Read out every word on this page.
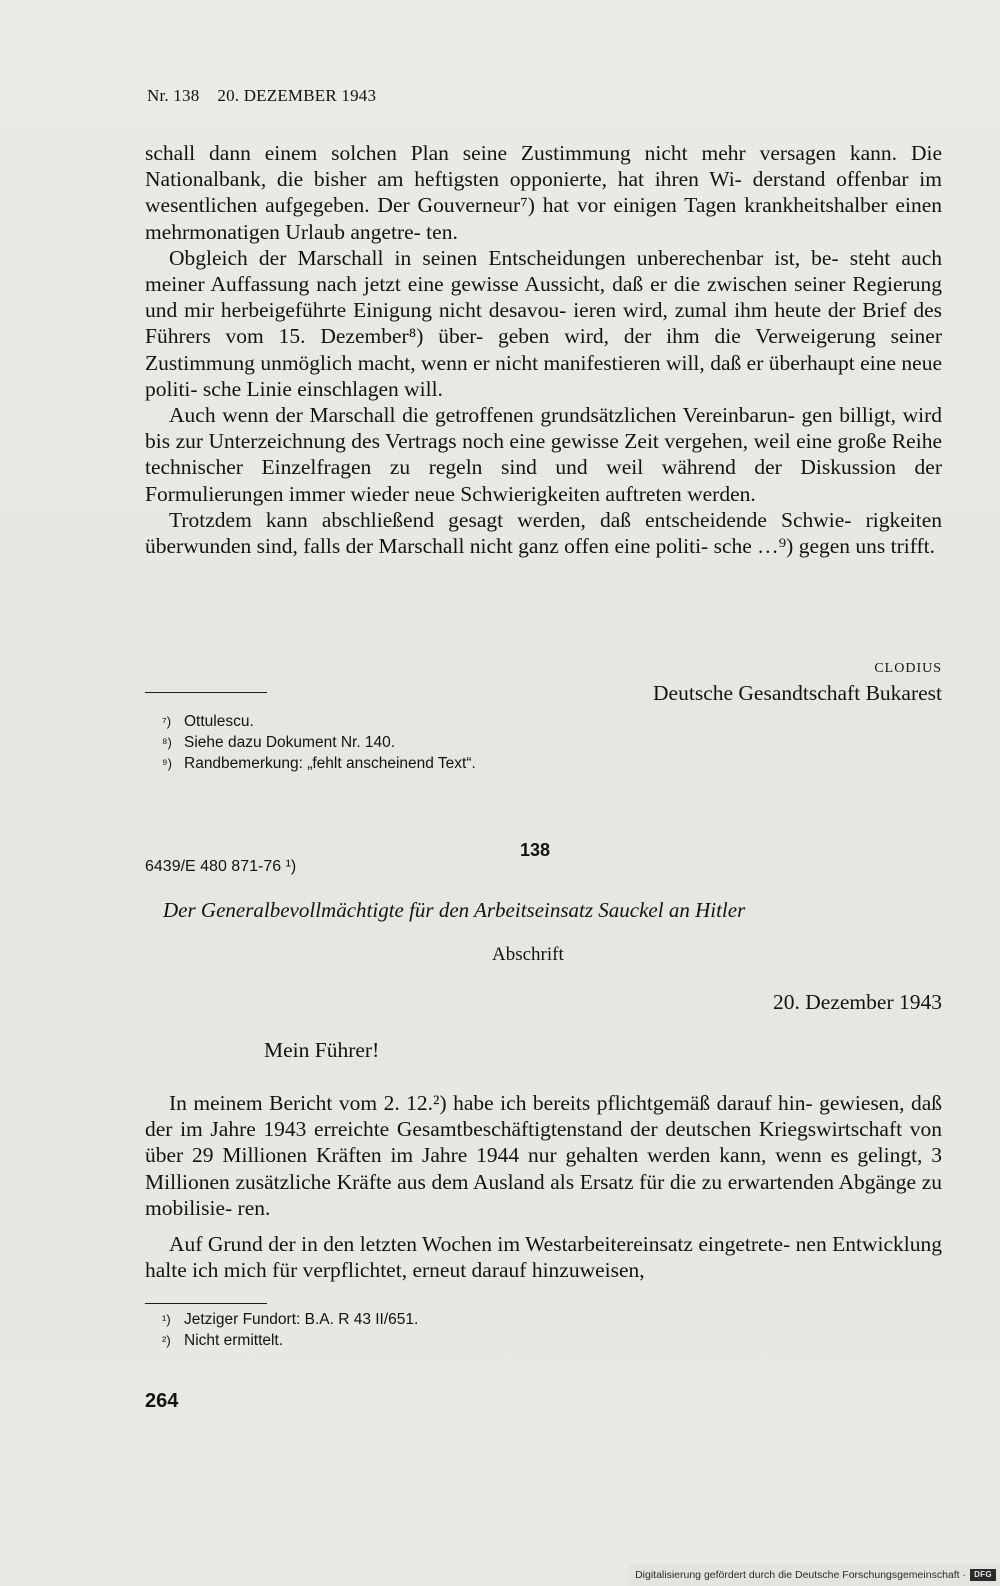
Nr. 138 20. DEZEMBER 1943

schall dann einem solchen Plan seine Zustimmung nicht mehr versagen kann. Die Nationalbank, die bisher am heftigsten opponierte, hat ihren Wi- derstand offenbar im wesentlichen aufgegeben. Der Gouverneur⁷) hat vor einigen Tagen krankheitshalber einen mehrmonatigen Urlaub angetre- ten.

Obgleich der Marschall in seinen Entscheidungen unberechenbar ist, be- steht auch meiner Auffassung nach jetzt eine gewisse Aussicht, daß er die zwischen seiner Regierung und mir herbeigeführte Einigung nicht desavou- ieren wird, zumal ihm heute der Brief des Führers vom 15. Dezember⁸) über- geben wird, der ihm die Verweigerung seiner Zustimmung unmöglich macht, wenn er nicht manifestieren will, daß er überhaupt eine neue politi- sche Linie einschlagen will.

Auch wenn der Marschall die getroffenen grundsätzlichen Vereinbarun- gen billigt, wird bis zur Unterzeichnung des Vertrags noch eine gewisse Zeit vergehen, weil eine große Reihe technischer Einzelfragen zu regeln sind und weil während der Diskussion der Formulierungen immer wieder neue Schwierigkeiten auftreten werden.

Trotzdem kann abschließend gesagt werden, daß entscheidende Schwie- rigkeiten überwunden sind, falls der Marschall nicht ganz offen eine politi- sche …⁹) gegen uns trifft.

CLODIUS
Deutsche Gesandtschaft Bukarest
⁷) Ottulescu.
⁸) Siehe dazu Dokument Nr. 140.
⁹) Randbemerkung: „fehlt anscheinend Text“.
138
6439/E 480 871-76 ¹)
Der Generalbevollmächtigte für den Arbeitseinsatz Sauckel an Hitler
Abschrift
20. Dezember 1943
Mein Führer!

In meinem Bericht vom 2. 12.²) habe ich bereits pflichtgemäß darauf hin- gewiesen, daß der im Jahre 1943 erreichte Gesamtbeschäftigtenstand der deutschen Kriegswirtschaft von über 29 Millionen Kräften im Jahre 1944 nur gehalten werden kann, wenn es gelingt, 3 Millionen zusätzliche Kräfte aus dem Ausland als Ersatz für die zu erwartenden Abgänge zu mobilisie- ren.

Auf Grund der in den letzten Wochen im Westarbeitereinsatz eingetrete- nen Entwicklung halte ich mich für verpflichtet, erneut darauf hinzuweisen,

¹) Jetziger Fundort: B.A. R 43 II/651.
²) Nicht ermittelt.
264
Digitalisierung gefördert durch die Deutsche Forschungsgemeinschaft ·	DFG
